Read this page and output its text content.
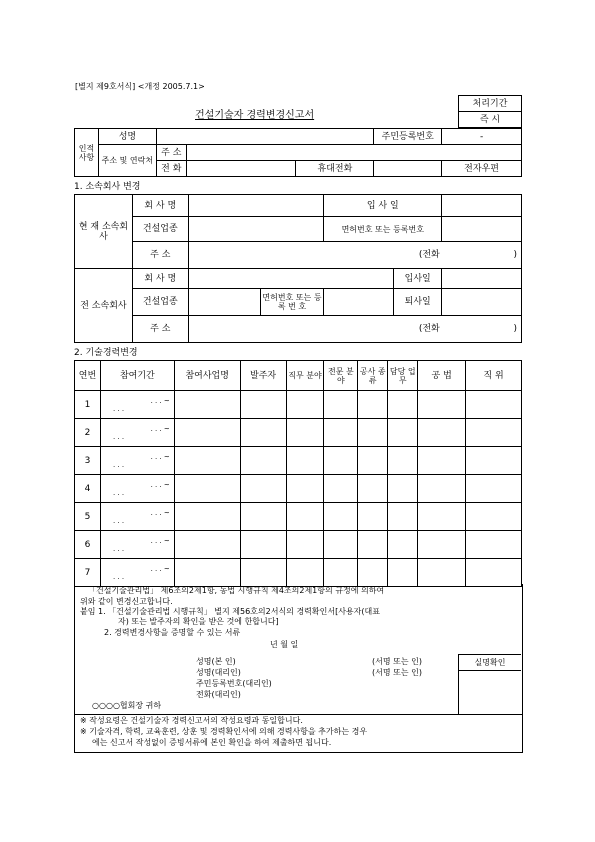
[별지 제9호서식] <개정 2005.7.1>
처리기간
즉 시
건설기술자 경력변경신고서
인적사항	성명				주민등록번호	-
	주소 및 연락처	주 소				
		전 화		휴대전화		전자우편
1. 소속회사 변경
현 재 소속회사	회 사 명			입 사 일		
	건설업종			면허번호 또는 등록번호		
	주 소	(전화 )				
전 소속회사	회 사 명				입사일	
	건설업종		면허번호 또는 등 록 번 호		퇴사일	
	주 소	(전화 )				
2. 기술경력변경
연번	참여기간	참여사업명	발주자	직무 분야	전문 분야	공사 종류	담당 업무	공 법	직 위
1	. . . ~
. . .								

2	. . . ~
. . .								

3	. . . ~
. . .								

4	. . . ~
. . .								

5	. . . ~
. . .								

6	. . . ~
. . .								

7	. . . ~
. . .								

「건설기술관리법」 제6조의2제1항, 동법 시행규칙 제4조의2제1항의 규정에 의하여
위와 같이 변경신고합니다.
붙임 1. 「건설기술관리법 시행규칙」 별지 제56호의2서식의 경력확인서[사용자(대표
자) 또는 발주자의 확인을 받은 것에 한합니다]
2. 경력변경사항을 증명할 수 있는 서류
년 월 일
성명(본 인)	(서명 또는 인)
성명(대리인)	(서명 또는 인)
주민등록번호(대리인)
전화(대리인)
○○○○협회장 귀하
실명확인

※ 작성요령은 건설기술자 경력신고서의 작성요령과 동일합니다.
※ 기술자격, 학력, 교육훈련, 상훈 및 경력확인서에 의해 경력사항을 추가하는 경우
에는 신고서 작성없이 증빙서류에 본인 확인을 하여 제출하면 됩니다.
